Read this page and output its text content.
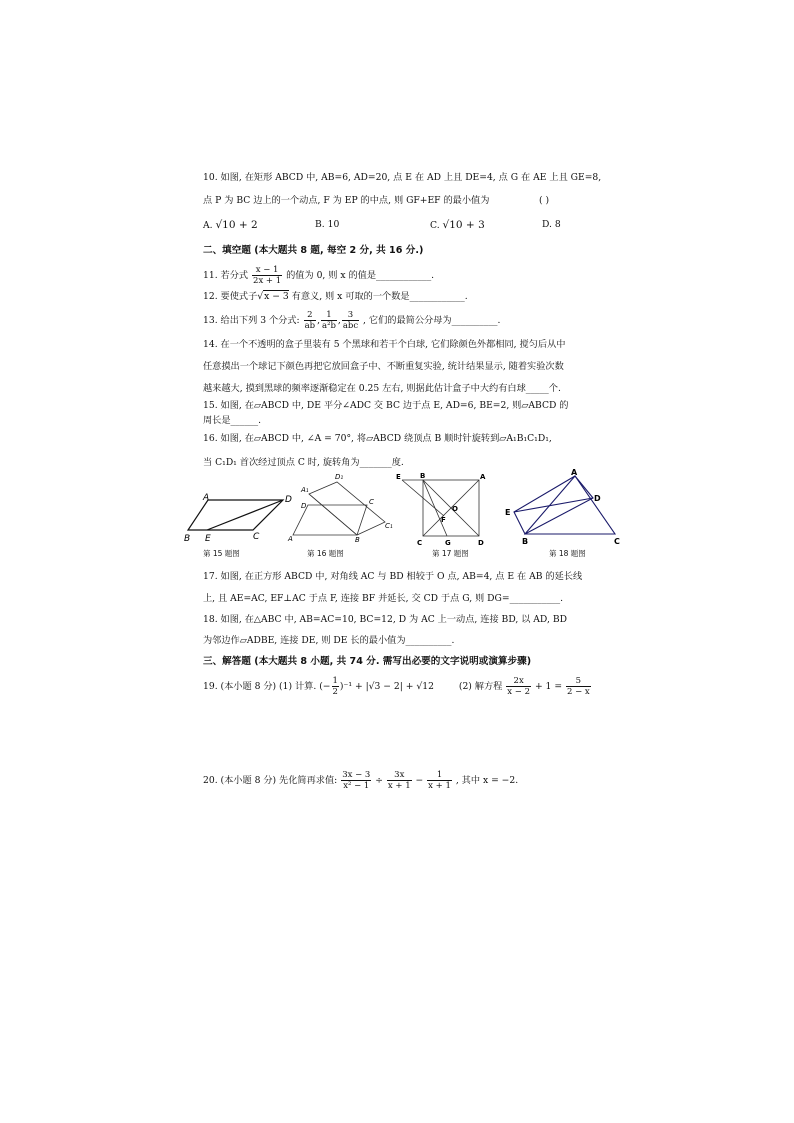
10. 如图, 在矩形 ABCD 中, AB=6, AD=20, 点 E 在 AD 上且 DE=4, 点 G 在 AE 上且 GE=8,
点 P 为 BC 边上的一个动点, F 为 EP 的中点, 则 GF+EF 的最小值为	( )
A. √10 + 2	B. 10	C. √10 + 3	D. 8
二、填空题 (本大题共 8 题, 每空 2 分, 共 16 分.)
11. 若分式 $\frac{x - 1}{2x + 1}$ 的值为 0, 则 x 的值是____________.
12. 要使式子√x − 3 有意义, 则 x 可取的一个数是____________.
13. 给出下列 3 个分式: $\frac{2}{ab}$ , $\frac{1}{\text{a²b}}$ , $\frac{3}{\text{abc}}$ , 它们的最简公分母为__________.
14. 在一个不透明的盒子里装有 5 个黑球和若干个白球, 它们除颜色外都相同, 搅匀后从中
任意摸出一个球记下颜色再把它放回盒子中、不断重复实验, 统计结果显示, 随着实验次数
越来越大, 摸到黑球的频率逐渐稳定在 0.25 左右, 则据此估计盒子中大约有白球_____个.
15. 如图, 在▱ABCD 中, DE 平分∠ADC 交 BC 边于点 E, AD=6, BE=2, 则▱ABCD 的
周长是______.
16. 如图, 在▱ABCD 中, ∠A = 70°, 将▱ABCD 绕顶点 B 顺时针旋转到▱A₁B₁C₁D₁,
当 C₁D₁ 首次经过顶点 C 时, 旋转角为_______度.
A	D
B E	C
第 15 题图
D₁
A₁
D	C
C₁
A	B
第 16 题图
E	B	A
O
F
C	G	D
第 17 题图
A
D
E
B	C
第 18 题图
17. 如图, 在正方形 ABCD 中, 对角线 AC 与 BD 相较于 O 点, AB=4, 点 E 在 AB 的延长线
上, 且 AE=AC, EF⊥AC 于点 F, 连接 BF 并延长, 交 CD 于点 G, 则 DG=___________.
18. 如图, 在△ABC 中, AB=AC=10, BC=12, D 为 AC 上一动点, 连接 BD, 以 AD, BD
为邻边作▱ADBE, 连接 DE, 则 DE 长的最小值为__________.
三、解答题 (本大题共 8 小题, 共 74 分. 需写出必要的文字说明或演算步骤)
19. (本小题 8 分) (1) 计算. (− $\frac{1}{2} )^{-1} + |√3 - 2| + √12$	(2) 解方程 $\frac{2x}{x - 2} + 1 = \frac{5}{2 - x}$
20. (本小题 8 分) 先化简再求值: $\frac{3x - 3}{\text{x² − 1}} \div \frac{3x}{x + 1} - \frac{1}{x + 1}$ , 其中 x = −2.
